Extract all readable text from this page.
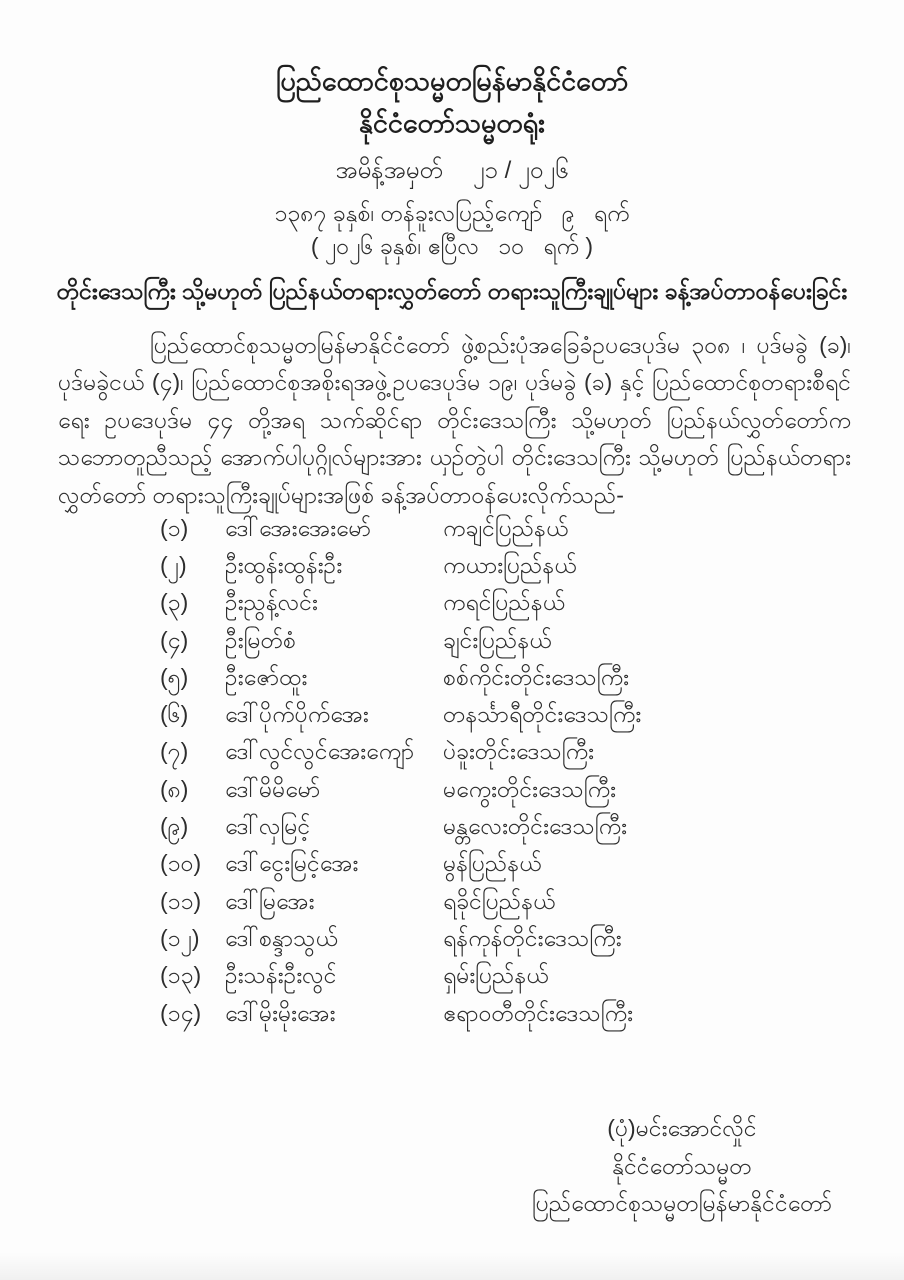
ပြည်ထောင်စုသမ္မတမြန်မာနိုင်ငံတော်
နိုင်ငံတော်သမ္မတရုံး
အမိန့်အမှတ် ၂၁ / ၂၀၂၆
၁၃၈၇ ခုနှစ်၊ တန်ခူးလပြည့်ကျော်   ၉   ရက်
( ၂၀၂၆ ခုနှစ်၊ ဧပြီလ   ၁၀   ရက် )
တိုင်းဒေသကြီး သို့မဟုတ် ပြည်နယ်တရားလွှတ်တော် တရားသူကြီးချုပ်များ ခန့်အပ်တာဝန်ပေးခြင်း

ပြည်ထောင်စုသမ္မတမြန်မာနိုင်ငံတော် ဖွဲ့စည်းပုံအခြေခံဥပဒေပုဒ်မ ၃၀၈ ၊ ပုဒ်မခွဲ (ခ)၊ ပုဒ်မခွဲငယ် (၄)၊ ပြည်ထောင်စုအစိုးရအဖွဲ့ဥပဒေပုဒ်မ ၁၉၊ ပုဒ်မခွဲ (ခ) နှင့် ပြည်ထောင်စုတရားစီရင်ရေး ဥပဒေပုဒ်မ ၄၄ တို့အရ သက်ဆိုင်ရာ တိုင်းဒေသကြီး သို့မဟုတ် ပြည်နယ်လွှတ်တော်က သဘောတူညီသည့် အောက်ပါပုဂ္ဂိုလ်များအား ယှဉ်တွဲပါ တိုင်းဒေသကြီး သို့မဟုတ် ပြည်နယ်တရားလွှတ်တော် တရားသူကြီးချုပ်များအဖြစ် ခန့်အပ်တာဝန်ပေးလိုက်သည်-

(၁)	ဒေါ်အေးအေးမော်	ကချင်ပြည်နယ်
(၂)	ဦးထွန်းထွန်းဦး	ကယားပြည်နယ်
(၃)	ဦးညွန့်လင်း	ကရင်ပြည်နယ်
(၄)	ဦးမြတ်စံ	ချင်းပြည်နယ်
(၅)	ဦးဇော်ထူး	စစ်ကိုင်းတိုင်းဒေသကြီး
(၆)	ဒေါ်ပိုက်ပိုက်အေး	တနင်္သာရီတိုင်းဒေသကြီး
(၇)	ဒေါ်လွင်လွင်အေးကျော်	ပဲခူးတိုင်းဒေသကြီး
(၈)	ဒေါ်မိမိမော်	မကွေးတိုင်းဒေသကြီး
(၉)	ဒေါ်လှမြင့်	မန္တလေးတိုင်းဒေသကြီး
(၁၀)	ဒေါ်ငွေးမြင့်အေး	မွန်ပြည်နယ်
(၁၁)	ဒေါ်မြအေး	ရခိုင်ပြည်နယ်
(၁၂)	ဒေါ်စန္ဒာသွယ်	ရန်ကုန်တိုင်းဒေသကြီး
(၁၃)	ဦးသန်းဦးလွင်	ရှမ်းပြည်နယ်
(၁၄)	ဒေါ်မိုးမိုးအေး	ဧရာဝတီတိုင်းဒေသကြီး
(ပုံ)မင်းအောင်လှိုင်
နိုင်ငံတော်သမ္မတ
ပြည်ထောင်စုသမ္မတမြန်မာနိုင်ငံတော်
